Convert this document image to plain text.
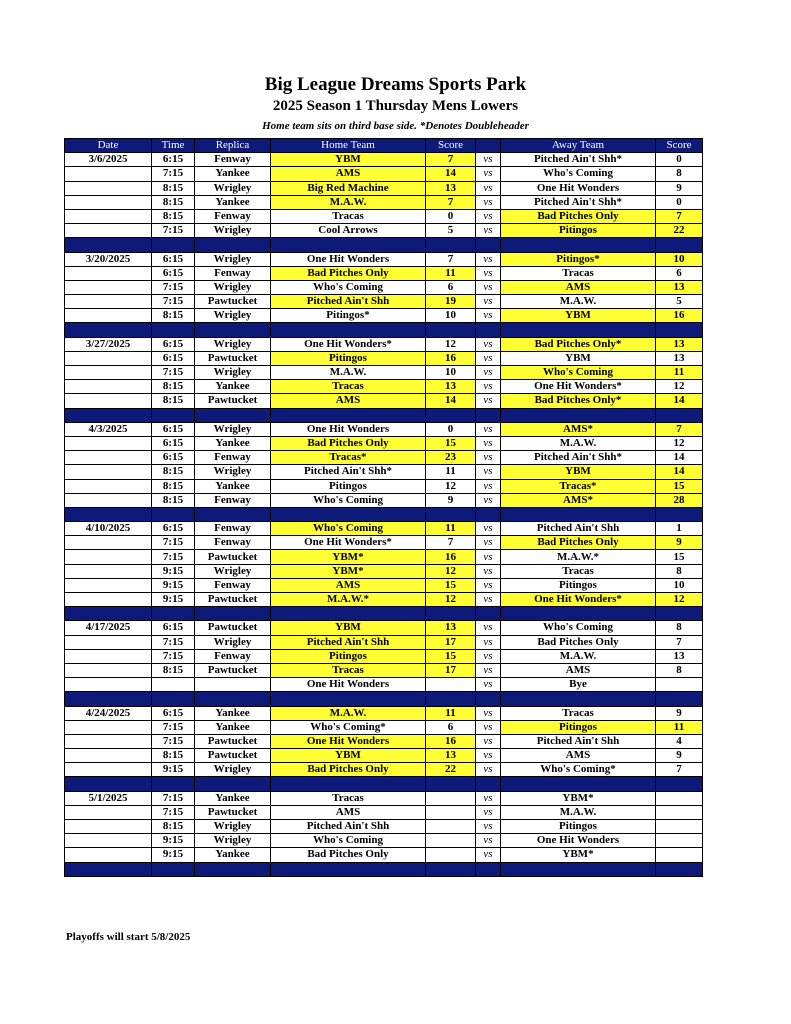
Big League Dreams Sports Park
2025 Season 1 Thursday Mens Lowers
Home team sits on third base side. *Denotes Doubleheader
Date	Time	Replica	Home Team	Score		Away Team	Score
3/6/2025	6:15	Fenway	YBM	7	vs	Pitched Ain't Shh*	0
	7:15	Yankee	AMS	14	vs	Who's Coming	8
	8:15	Wrigley	Big Red Machine	13	vs	One Hit Wonders	9
	8:15	Yankee	M.A.W.	7	vs	Pitched Ain't Shh*	0
	8:15	Fenway	Tracas	0	vs	Bad Pitches Only	7
	7:15	Wrigley	Cool Arrows	5	vs	Pitingos	22

3/20/2025	6:15	Wrigley	One Hit Wonders	7	vs	Pitingos*	10
	6:15	Fenway	Bad Pitches Only	11	vs	Tracas	6
	7:15	Wrigley	Who's Coming	6	vs	AMS	13
	7:15	Pawtucket	Pitched Ain't Shh	19	vs	M.A.W.	5
	8:15	Wrigley	Pitingos*	10	vs	YBM	16

3/27/2025	6:15	Wrigley	One Hit Wonders*	12	vs	Bad Pitches Only*	13
	6:15	Pawtucket	Pitingos	16	vs	YBM	13
	7:15	Wrigley	M.A.W.	10	vs	Who's Coming	11
	8:15	Yankee	Tracas	13	vs	One Hit Wonders*	12
	8:15	Pawtucket	AMS	14	vs	Bad Pitches Only*	14

4/3/2025	6:15	Wrigley	One Hit Wonders	0	vs	AMS*	7
	6:15	Yankee	Bad Pitches Only	15	vs	M.A.W.	12
	6:15	Fenway	Tracas*	23	vs	Pitched Ain't Shh*	14
	8:15	Wrigley	Pitched Ain't Shh*	11	vs	YBM	14
	8:15	Yankee	Pitingos	12	vs	Tracas*	15
	8:15	Fenway	Who's Coming	9	vs	AMS*	28

4/10/2025	6:15	Fenway	Who's Coming	11	vs	Pitched Ain't Shh	1
	7:15	Fenway	One Hit Wonders*	7	vs	Bad Pitches Only	9
	7:15	Pawtucket	YBM*	16	vs	M.A.W.*	15
	9:15	Wrigley	YBM*	12	vs	Tracas	8
	9:15	Fenway	AMS	15	vs	Pitingos	10
	9:15	Pawtucket	M.A.W.*	12	vs	One Hit Wonders*	12

4/17/2025	6:15	Pawtucket	YBM	13	vs	Who's Coming	8
	7:15	Wrigley	Pitched Ain't Shh	17	vs	Bad Pitches Only	7
	7:15	Fenway	Pitingos	15	vs	M.A.W.	13
	8:15	Pawtucket	Tracas	17	vs	AMS	8
			One Hit Wonders		vs	Bye	

4/24/2025	6:15	Yankee	M.A.W.	11	vs	Tracas	9
	7:15	Yankee	Who's Coming*	6	vs	Pitingos	11
	7:15	Pawtucket	One Hit Wonders	16	vs	Pitched Ain't Shh	4
	8:15	Pawtucket	YBM	13	vs	AMS	9
	9:15	Wrigley	Bad Pitches Only	22	vs	Who's Coming*	7

5/1/2025	7:15	Yankee	Tracas		vs	YBM*	
	7:15	Pawtucket	AMS		vs	M.A.W.	
	8:15	Wrigley	Pitched Ain't Shh		vs	Pitingos	
	9:15	Wrigley	Who's Coming		vs	One Hit Wonders	
	9:15	Yankee	Bad Pitches Only		vs	YBM*	

Playoffs will start 5/8/2025
